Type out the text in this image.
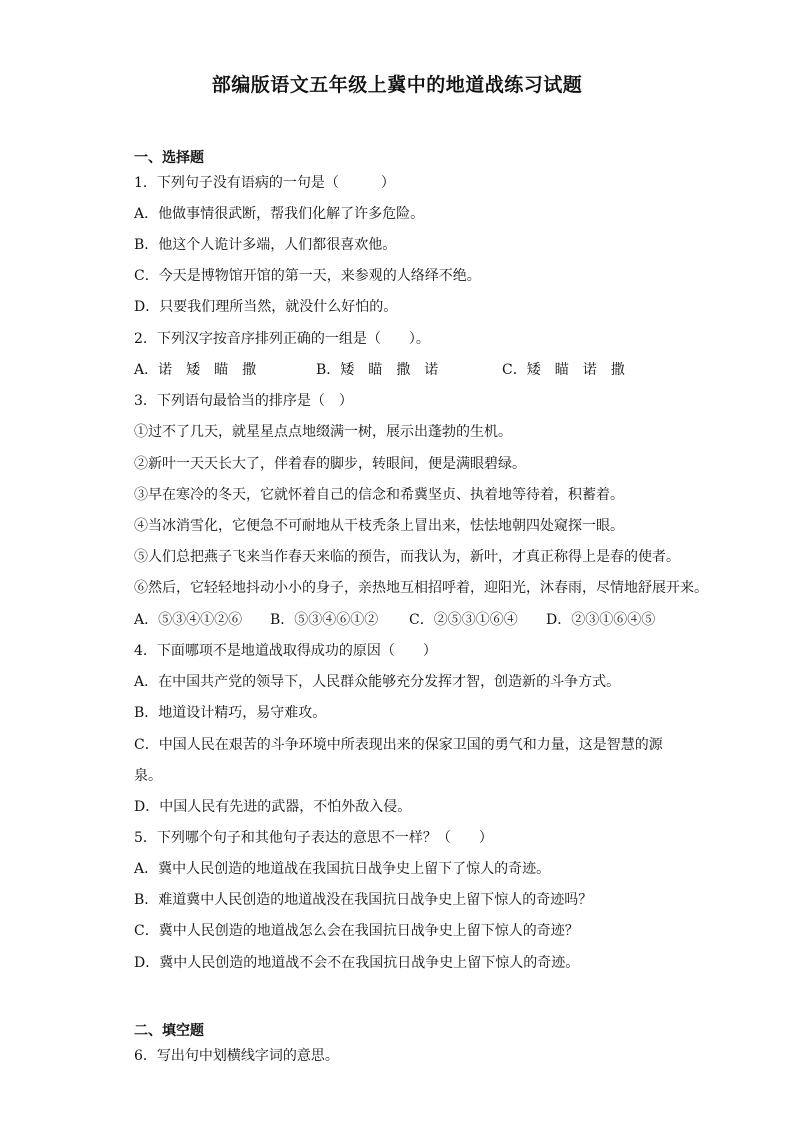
部编版语文五年级上冀中的地道战练习试题
一、选择题
1．下列句子没有语病的一句是（　　　）
A．他做事情很武断，帮我们化解了许多危险。
B．他这个人诡计多端，人们都很喜欢他。
C．今天是博物馆开馆的第一天，来参观的人络绎不绝。
D．只要我们理所当然，就没什么好怕的。
2．下列汉字按音序排列正确的一组是（　　）。
A．诺　矮　瞄　撒	B．矮　瞄　撒　诺	C．矮　瞄　诺　撒
3．下列语句最恰当的排序是（　）
①过不了几天，就星星点点地缀满一树，展示出蓬勃的生机。
②新叶一天天长大了，伴着春的脚步，转眼间，便是满眼碧绿。
③早在寒冷的冬天，它就怀着自己的信念和希冀坚贞、执着地等待着，积蓄着。
④当冰消雪化，它便急不可耐地从干枝秃条上冒出来，怯怯地朝四处窥探一眼。
⑤人们总把燕子飞来当作春天来临的预告，而我认为，新叶，才真正称得上是春的使者。
⑥然后，它轻轻地抖动小小的身子，亲热地互相招呼着，迎阳光，沐春雨，尽情地舒展开来。
A．⑤③④①②⑥ B．⑤③④⑥①② C．②⑤③①⑥④ D．②③①⑥④⑤
4．下面哪项不是地道战取得成功的原因（　　）
A．在中国共产党的领导下，人民群众能够充分发挥才智，创造新的斗争方式。
B．地道设计精巧，易守难攻。
C．中国人民在艰苦的斗争环境中所表现出来的保家卫国的勇气和力量，这是智慧的源
泉。
D．中国人民有先进的武器，不怕外敌入侵。
5．下列哪个句子和其他句子表达的意思不一样？（　　）
A．冀中人民创造的地道战在我国抗日战争史上留下了惊人的奇迹。
B．难道冀中人民创造的地道战没在我国抗日战争史上留下惊人的奇迹吗？
C．冀中人民创造的地道战怎么会在我国抗日战争史上留下惊人的奇迹？
D．冀中人民创造的地道战不会不在我国抗日战争史上留下惊人的奇迹。
二、填空题
6．写出句中划横线字词的意思。
